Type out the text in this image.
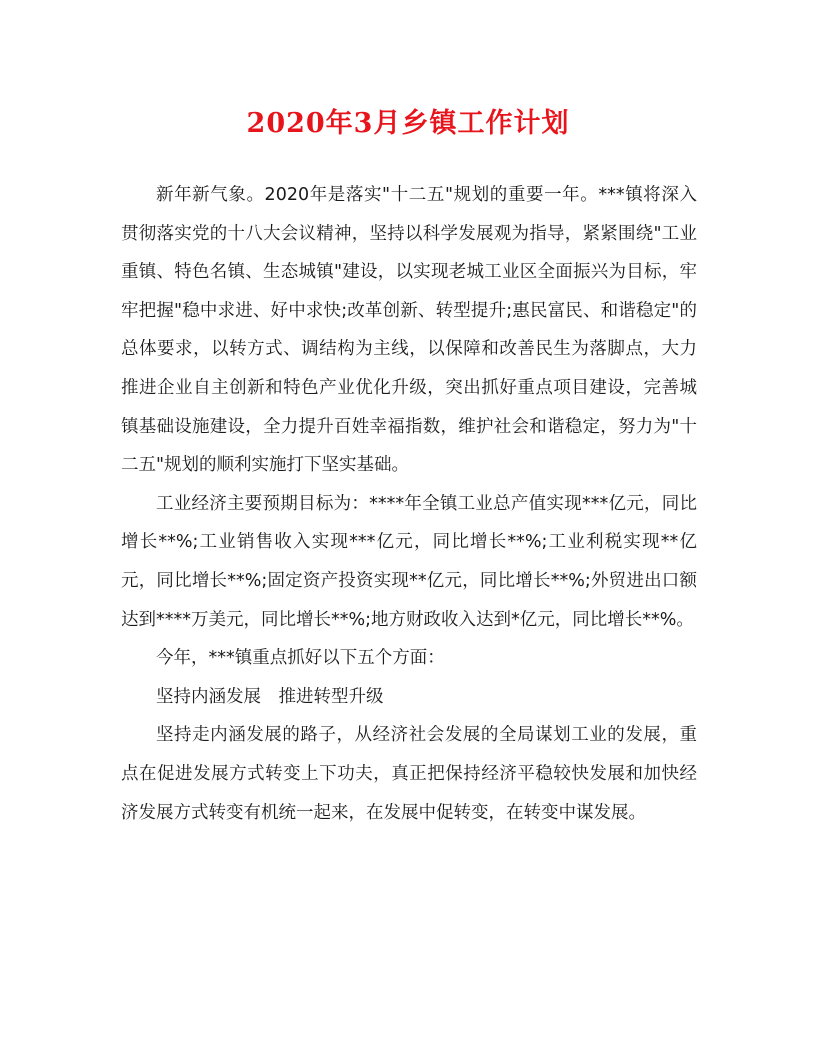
2020年3月乡镇工作计划

新年新气象。2020年是落实"十二五"规划的重要一年。***镇将深入贯彻落实党的十八大会议精神，坚持以科学发展观为指导，紧紧围绕"工业重镇、特色名镇、生态城镇"建设，以实现老城工业区全面振兴为目标，牢牢把握"稳中求进、好中求快;改革创新、转型提升;惠民富民、和谐稳定"的总体要求，以转方式、调结构为主线，以保障和改善民生为落脚点，大力推进企业自主创新和特色产业优化升级，突出抓好重点项目建设，完善城镇基础设施建设，全力提升百姓幸福指数，维护社会和谐稳定，努力为"十二五"规划的顺利实施打下坚实基础。

工业经济主要预期目标为：****年全镇工业总产值实现***亿元，同比增长**%;工业销售收入实现***亿元，同比增长**%;工业利税实现**亿元，同比增长**%;固定资产投资实现**亿元，同比增长**%;外贸进出口额达到****万美元，同比增长**%;地方财政收入达到*亿元，同比增长**%。

今年，***镇重点抓好以下五个方面：

坚持内涵发展　推进转型升级

坚持走内涵发展的路子，从经济社会发展的全局谋划工业的发展，重点在促进发展方式转变上下功夫，真正把保持经济平稳较快发展和加快经济发展方式转变有机统一起来，在发展中促转变，在转变中谋发展。
